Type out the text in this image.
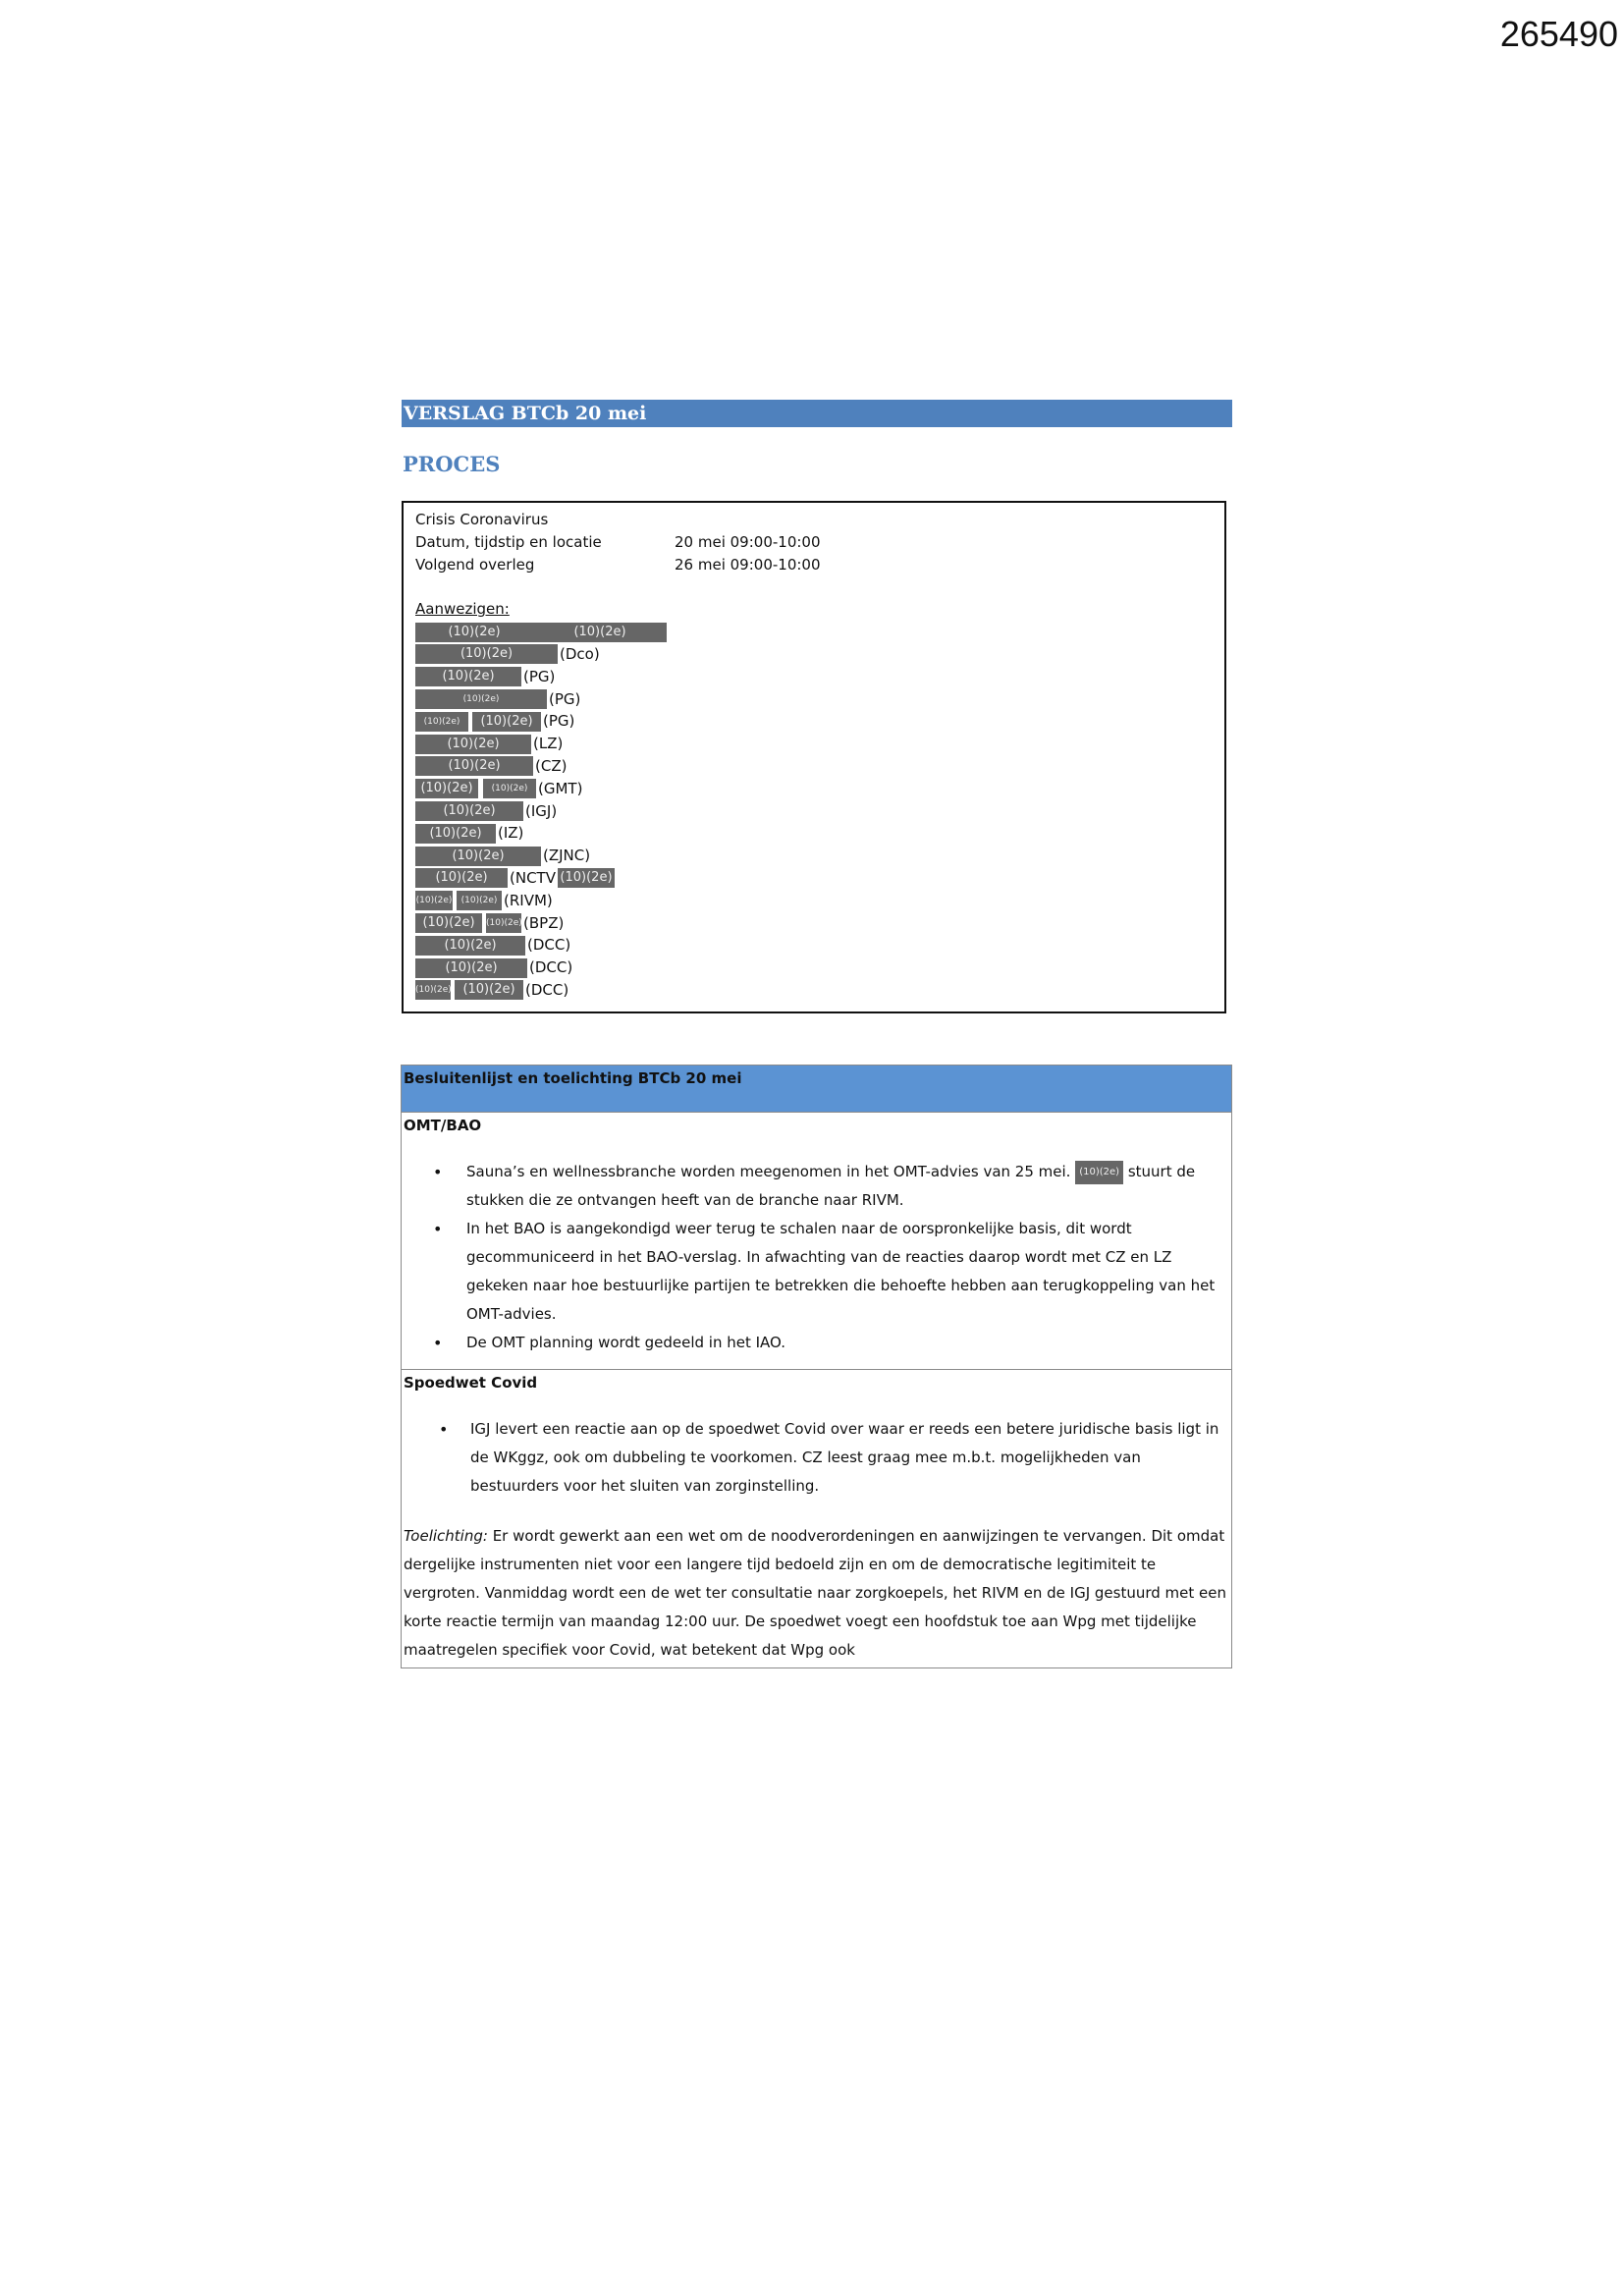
265490
VERSLAG BTCb 20 mei
PROCES
Crisis Coronavirus
Datum, tijdstip en locatie	20 mei 09:00-10:00
Volgend overleg	26 mei 09:00-10:00
Aanwezigen:
(10)(2e)	(10)(2e)
(10)(2e)	(Dco)
(10)(2e)	(PG)
(10)(2e)	(PG)
(10)(2e)	(10)(2e) (PG)
(10)(2e)	(LZ)
(10)(2e)	(CZ)
(10)(2e)	(10)(2e) (GMT)
(10)(2e)	(IGJ)
(10)(2e)	(IZ)
(10)(2e)	(ZJNC)
(10)(2e)	(NCTV (10)(2e)
(10)(2e)	(10)(2e) (RIVM)
(10)(2e)	(10)(2e) (BPZ)
(10)(2e)	(DCC)
(10)(2e)	(DCC)
(10)(2e) (10)(2e) (DCC)
Besluitenlijst en toelichting BTCb 20 mei
OMT/BAO
• Sauna’s en wellnessbranche worden meegenomen in het OMT-advies van 25 mei. (10)(2e) stuurt de stukken die ze ontvangen heeft van de branche naar RIVM.
• In het BAO is aangekondigd weer terug te schalen naar de oorspronkelijke basis, dit wordt gecommuniceerd in het BAO-verslag. In afwachting van de reacties daarop wordt met CZ en LZ gekeken naar hoe bestuurlijke partijen te betrekken die behoefte hebben aan terugkoppeling van het OMT-advies.
• De OMT planning wordt gedeeld in het IAO.
Spoedwet Covid
• IGJ levert een reactie aan op de spoedwet Covid over waar er reeds een betere juridische basis ligt in de WKggz, ook om dubbeling te voorkomen. CZ leest graag mee m.b.t. mogelijkheden van bestuurders voor het sluiten van zorginstelling.

Toelichting: Er wordt gewerkt aan een wet om de noodverordeningen en aanwijzingen te vervangen. Dit omdat dergelijke instrumenten niet voor een langere tijd bedoeld zijn en om de democratische legitimiteit te vergroten. Vanmiddag wordt een de wet ter consultatie naar zorgkoepels, het RIVM en de IGJ gestuurd met een korte reactie termijn van maandag 12:00 uur. De spoedwet voegt een hoofdstuk toe aan Wpg met tijdelijke maatregelen specifiek voor Covid, wat betekent dat Wpg ook
